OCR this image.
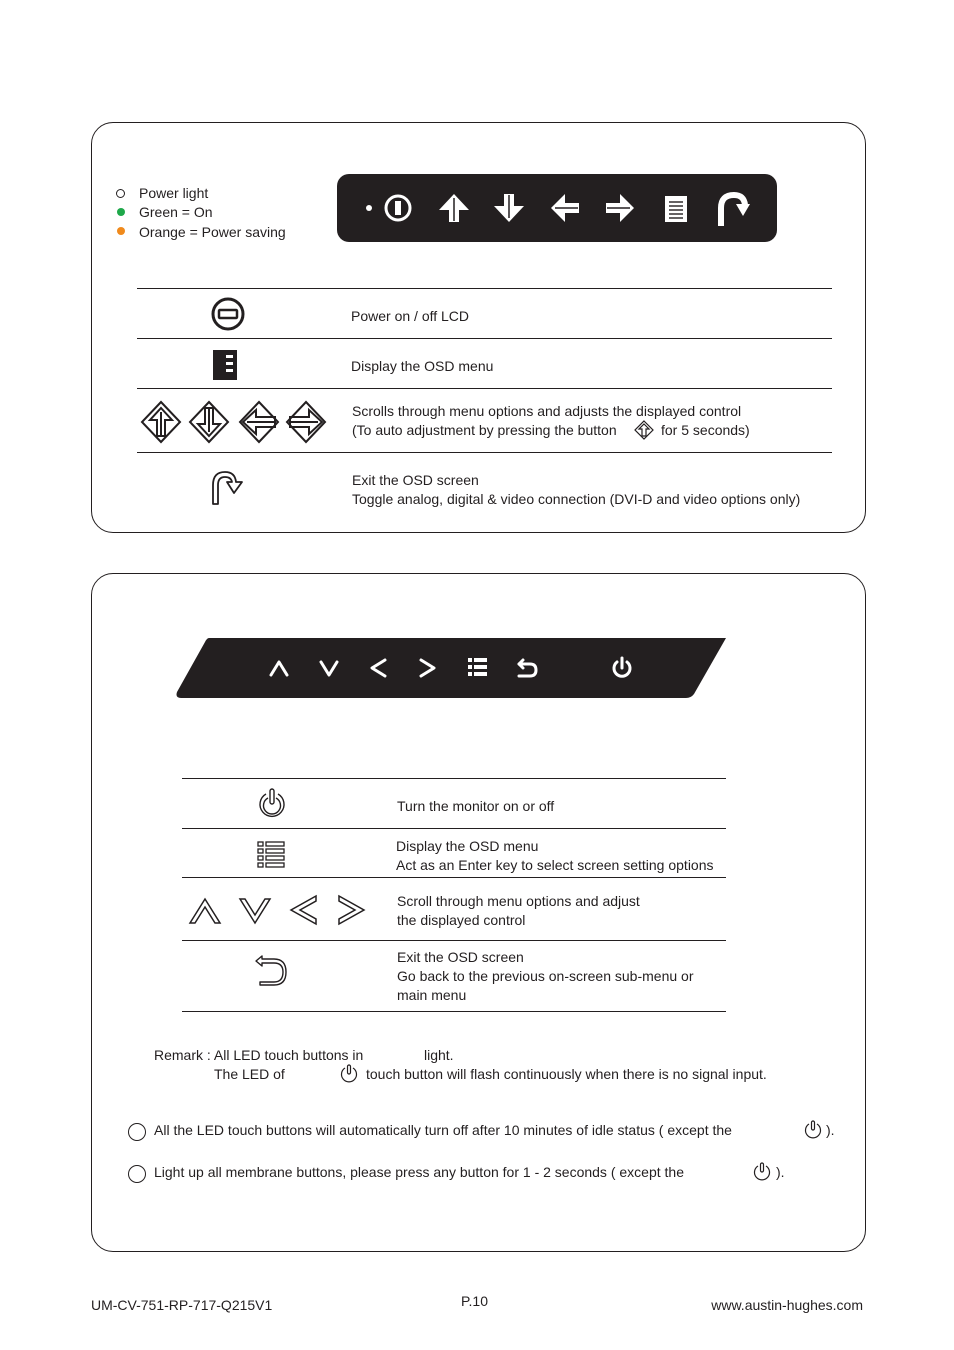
Power light
Green = On
Orange = Power saving
Power on / off LCD
Display the OSD menu
Scrolls through menu options and adjusts the displayed control
(To auto adjustment by pressing the button	for 5 seconds)
Exit the OSD screen
Toggle analog, digital & video connection (DVI-D and video options only)
Turn the monitor on or off
Display the OSD menu
Act as an Enter key to select screen setting options
Scroll through menu options and adjust
the displayed control
Exit the OSD screen
Go back to the previous on-screen sub-menu or
main menu
Remark : All LED touch buttons in	light.
The LED of	touch button will flash continuously when there is no signal input.
All the LED touch buttons will automatically turn off after 10 minutes of idle status ( except the	).
Light up all membrane buttons, please press any button for 1 - 2 seconds ( except the	).
UM-CV-751-RP-717-Q215V1	P.10	www.austin-hughes.com
